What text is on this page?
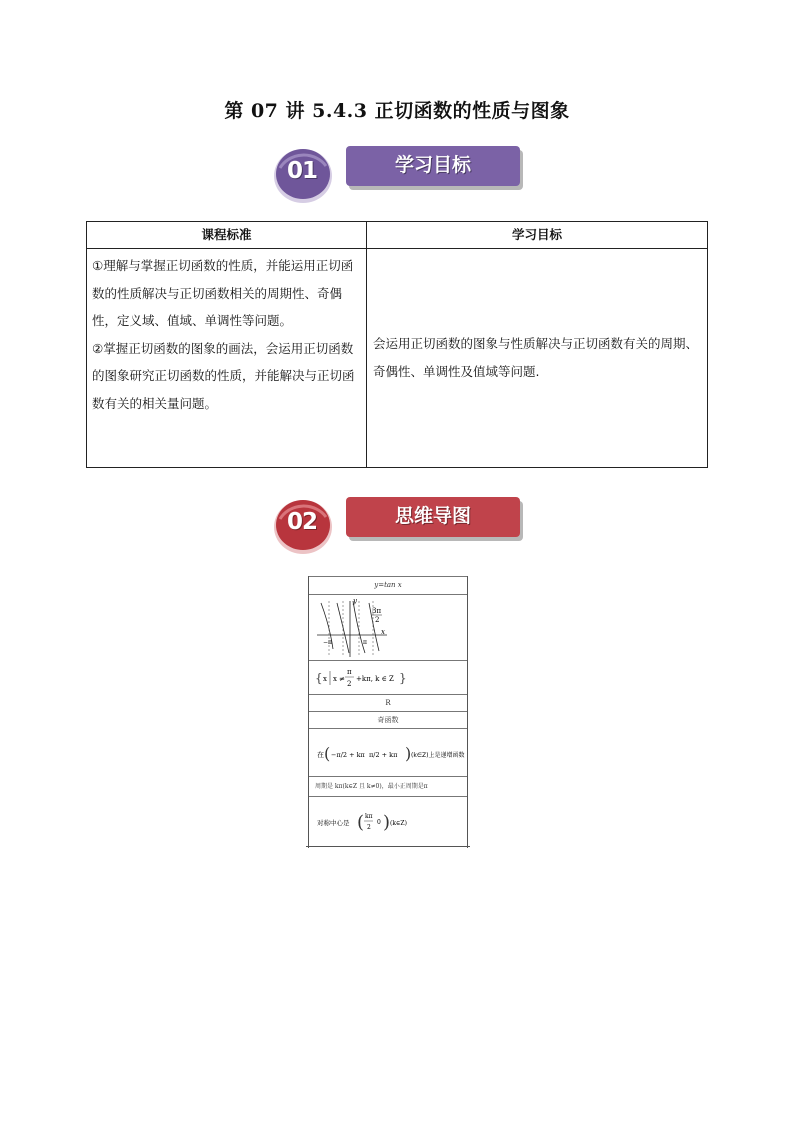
第 07 讲 5.4.3 正切函数的性质与图象
01	学习目标
课程标准	学习目标

①理解与掌握正切函数的性质，并能运用正切函数的性质解决与正切函数相关的周期性、奇偶性，定义域、值域、单调性等问题。

②掌握正切函数的图象的画法，会运用正切函数的图象研究正切函数的性质，并能解决与正切函数有关的相关量问题。	会运用正切函数的图象与性质解决与正切函数有关的周期、奇偶性、单调性及值域等问题.
02	思维导图
y=tan x
y
x
3π
2
−π	π
{ x x ≠
π
2
+kπ, k ∈ Z }
R
奇函数
在 ( −π/2 + kπ π/2 + kπ ) (k∈Z)上是递增函数
周期是 kπ(k∈Z 且 k≠0)，最小正周期是π
对称中心是 ( kπ
2
0 ) (k∈Z)
